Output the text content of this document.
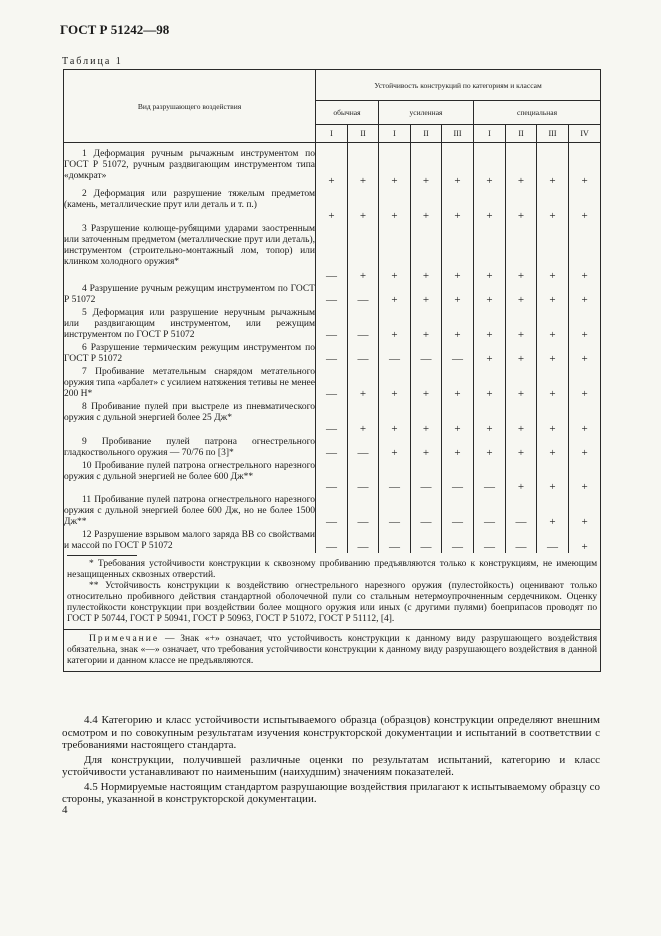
ГОСТ Р 51242—98
Таблица 1
Вид разрушающего воздействия	Устойчивость конструкций по категориям и классам								
	обычная		усиленная			специальная			
	I	II	I	II	III	I	II	III	IV
1 Деформация ручным рычажным инструментом по ГОСТ Р 51072, ручным раздвигающим инструментом типа «домкрат»	+	+	+	+	+	+	+	+	+
2 Деформация или разрушение тяжелым предметом (камень, металлические прут или деталь и т. п.)	+	+	+	+	+	+	+	+	+
3 Разрушение колюще-рубящими ударами заостренным или заточенным предметом (металлические прут или деталь), инструментом (строительно-монтажный лом, топор) или клинком холодного оружия*	—	+	+	+	+	+	+	+	+
4 Разрушение ручным режущим инструментом по ГОСТ Р 51072	—	—	+	+	+	+	+	+	+
5 Деформация или разрушение неручным рычажным или раздвигающим инструментом, или режущим инструментом по ГОСТ Р 51072	—	—	+	+	+	+	+	+	+
6 Разрушение термическим режущим инструментом по ГОСТ Р 51072	—	—	—	—	—	+	+	+	+
7 Пробивание метательным снарядом метательного оружия типа «арбалет» с усилием натяжения тетивы не менее 200 Н*	—	+	+	+	+	+	+	+	+
8 Пробивание пулей при выстреле из пневматического оружия с дульной энергией более 25 Дж*	—	+	+	+	+	+	+	+	+
9 Пробивание пулей патрона огнестрельного гладкоствольного оружия — 70/76 по [3]*	—	—	+	+	+	+	+	+	+
10 Пробивание пулей патрона огнестрельного нарезного оружия с дульной энергией не более 600 Дж**	—	—	—	—	—	—	+	+	+
11 Пробивание пулей патрона огнестрельного нарезного оружия с дульной энергией более 600 Дж, но не более 1500 Дж**	—	—	—	—	—	—	—	+	+
12 Разрушение взрывом малого заряда ВВ со свойствами и массой по ГОСТ Р 51072	—	—	—	—	—	—	—	—	+

* Требования устойчивости конструкции к сквозному пробиванию предъявляются только к конструкциям, не имеющим незащищенных сквозных отверстий.

** Устойчивость конструкции к воздействию огнестрельного нарезного оружия (пулестойкость) оценивают только относительно пробивного действия стандартной оболочечной пули со стальным нетермоупрочненным сердечником. Оценку пулестойкости конструкции при воздействии более мощного оружия или иных (с другими пулями) боеприпасов проводят по ГОСТ Р 50744, ГОСТ Р 50941, ГОСТ Р 50963, ГОСТ Р 51072, ГОСТ Р 51112, [4].									

Примечание — Знак «+» означает, что устойчивость конструкции к данному виду разрушающего воздействия обязательна, знак «—» означает, что требования устойчивости конструкции к данному виду разрушающего воздействия в данной категории и данном классе не предъявляются.									

4.4 Категорию и класс устойчивости испытываемого образца (образцов) конструкции определяют внешним осмотром и по совокупным результатам изучения конструкторской документации и испытаний в соответствии с требованиями настоящего стандарта.

Для конструкции, получившей различные оценки по результатам испытаний, категорию и класс устойчивости устанавливают по наименьшим (наихудшим) значениям показателей.

4.5 Нормируемые настоящим стандартом разрушающие воздействия прилагают к испытываемому образцу со стороны, указанной в конструкторской документации.

4
